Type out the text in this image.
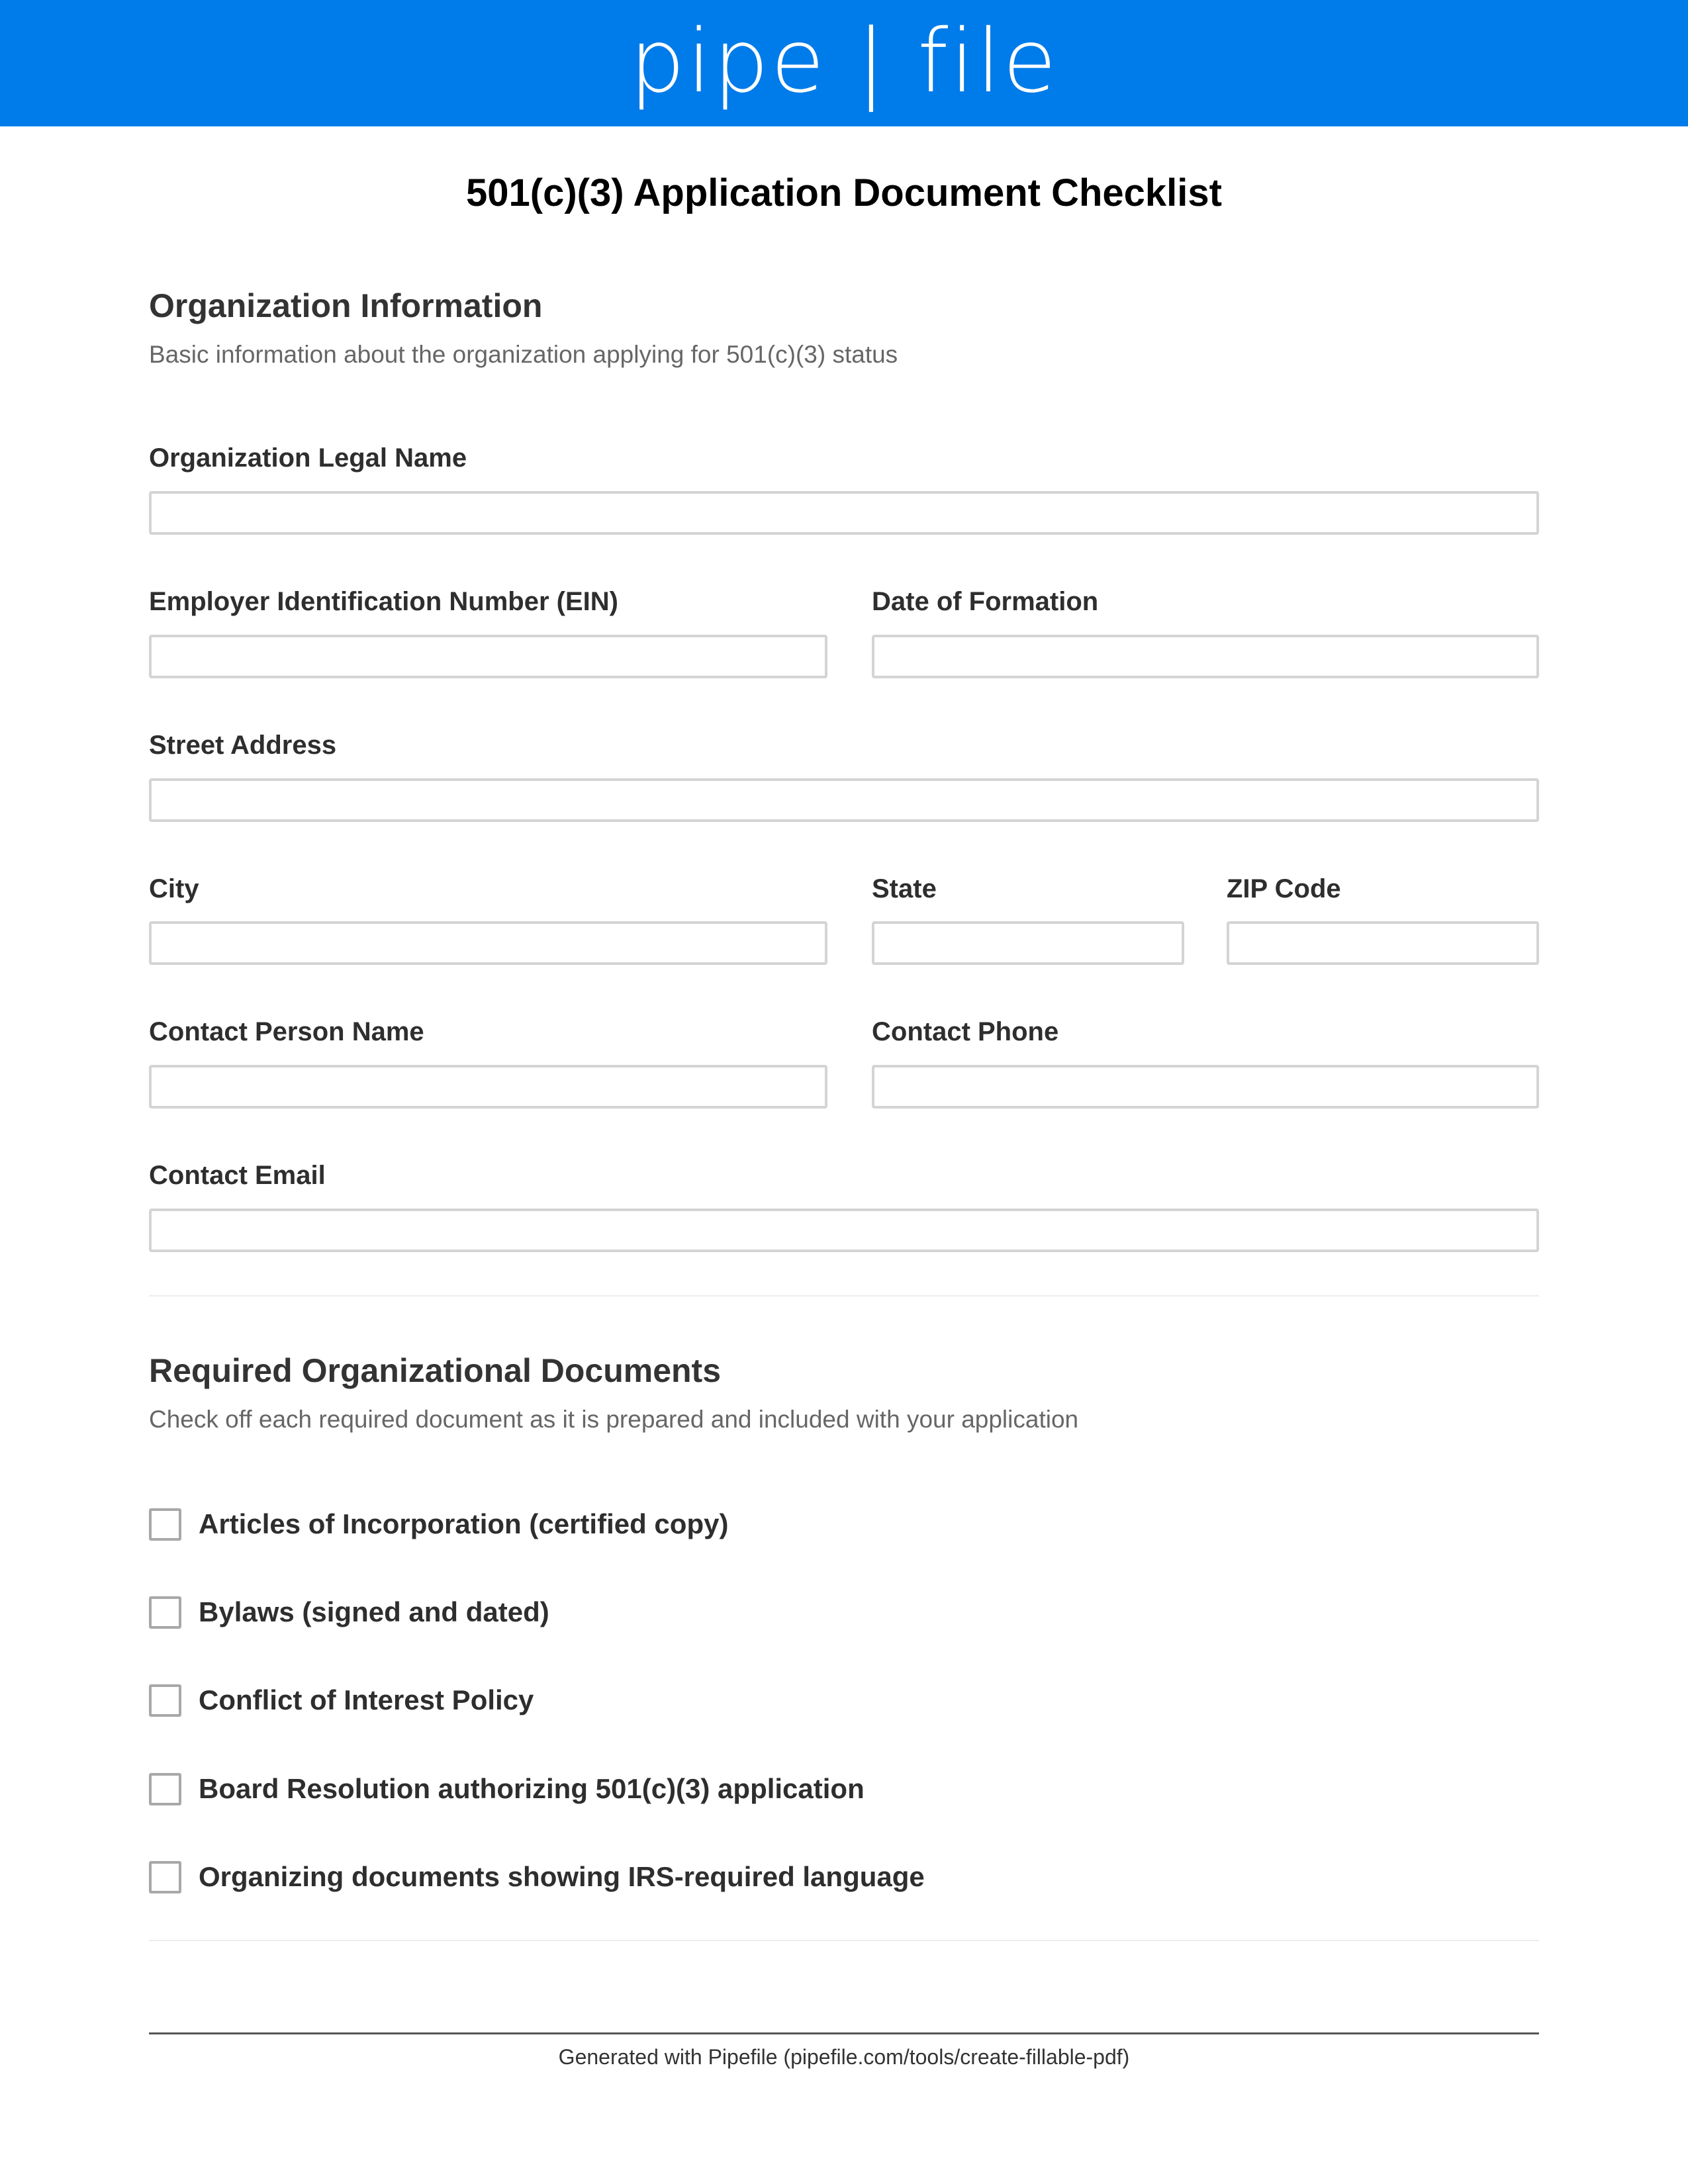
pipe | file
501(c)(3) Application Document Checklist
Organization Information
Basic information about the organization applying for 501(c)(3) status
Organization Legal Name
Employer Identification Number (EIN)	Date of Formation
Street Address
City	State	ZIP Code
Contact Person Name	Contact Phone
Contact Email
Required Organizational Documents
Check off each required document as it is prepared and included with your application
Articles of Incorporation (certified copy)
Bylaws (signed and dated)
Conflict of Interest Policy
Board Resolution authorizing 501(c)(3) application
Organizing documents showing IRS-required language
Generated with Pipefile (pipefile.com/tools/create-fillable-pdf)
